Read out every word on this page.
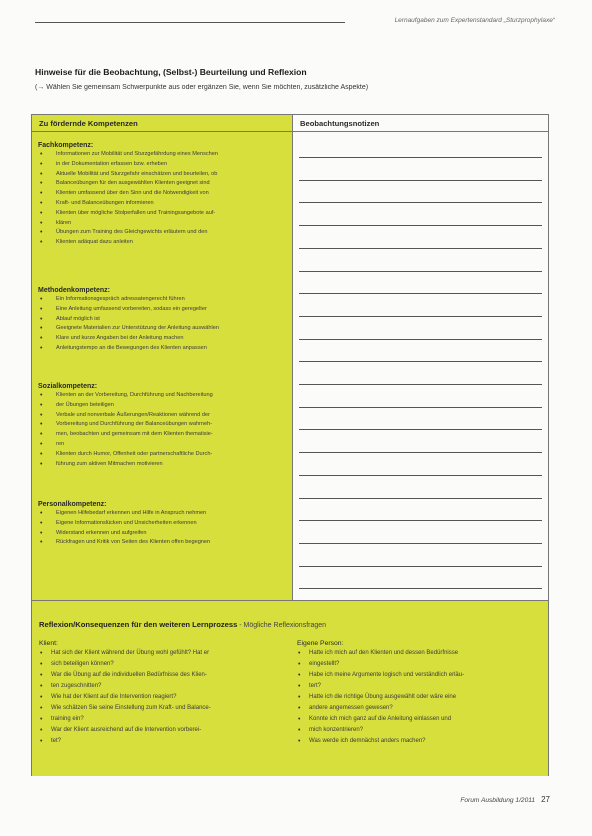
Lernaufgaben zum Expertenstandard „Sturzprophylaxe“
Hinweise für die Beobachtung, (Selbst-) Beurteilung und Reflexion
(→ Wählen Sie gemeinsam Schwerpunkte aus oder ergänzen Sie, wenn Sie möchten, zusätzliche Aspekte)
Zu fördernde Kompetenzen	Beobachtungsnotizen
Fachkompetenz:
• Informationen zur Mobilität und Sturzgefährdung eines Menschen
• in der Dokumentation erfassen bzw. erheben
• Aktuelle Mobilität und Sturzgefahr einschätzen und beurteilen, ob
• Balanceübungen für den ausgewählten Klienten geeignet sind
• Klienten umfassend über den Sinn und die Notwendigkeit von
• Kraft- und Balanceübungen informieren
• Klienten über mögliche Stolperfallen und Trainingsangebote auf-
• klären
• Übungen zum Training des Gleichgewichts erläutern und den
• Klienten adäquat dazu anleiten
Methodenkompetenz:
• Ein Informationsgespräch adressatengerecht führen
• Eine Anleitung umfassend vorbereiten, sodass ein geregelter
• Ablauf möglich ist
• Geeignete Materialien zur Unterstützung der Anleitung auswählen
• Klare und kurze Angaben bei der Anleitung machen
• Anleitungstempo an die Bewegungen des Klienten anpassen
Sozialkompetenz:
• Klienten an der Vorbereitung, Durchführung und Nachbereitung
• der Übungen beteiligen
• Verbale und nonverbale Äußerungen/Reaktionen während der
• Vorbereitung und Durchführung der Balanceübungen wahrneh-
• men, beobachten und gemeinsam mit dem Klienten thematisie-
• ren
• Klienten durch Humor, Offenheit oder partnerschaftliche Durch-
• führung zum aktiven Mitmachen motivieren
Personalkompetenz:
• Eigenen Hilfebedarf erkennen und Hilfe in Anspruch nehmen
• Eigene Informationslücken und Unsicherheiten erkennen
• Widerstand erkennen und aufgreifen
• Rückfragen und Kritik von Seiten des Klienten offen begegnen
Reflexion/Konsequenzen für den weiteren Lernprozess - Mögliche Reflexionsfragen
Klient:
• Hat sich der Klient während der Übung wohl gefühlt? Hat er
• sich beteiligen können?
• War die Übung auf die individuellen Bedürfnisse des Klien-
• ten zugeschnitten?
• Wie hat der Klient auf die Intervention reagiert?
• Wie schätzen Sie seine Einstellung zum Kraft- und Balance-
• training ein?
• War der Klient ausreichend auf die Intervention vorberei-
• tet?
Eigene Person:
• Hatte ich mich auf den Klienten und dessen Bedürfnisse
• eingestellt?
• Habe ich meine Argumente logisch und verständlich erläu-
• tert?
• Hatte ich die richtige Übung ausgewählt oder wäre eine
• andere angemessen gewesen?
• Konnte ich mich ganz auf die Anleitung einlassen und
• mich konzentrieren?
• Was werde ich demnächst anders machen?
Forum Ausbildung 1/2011 27
